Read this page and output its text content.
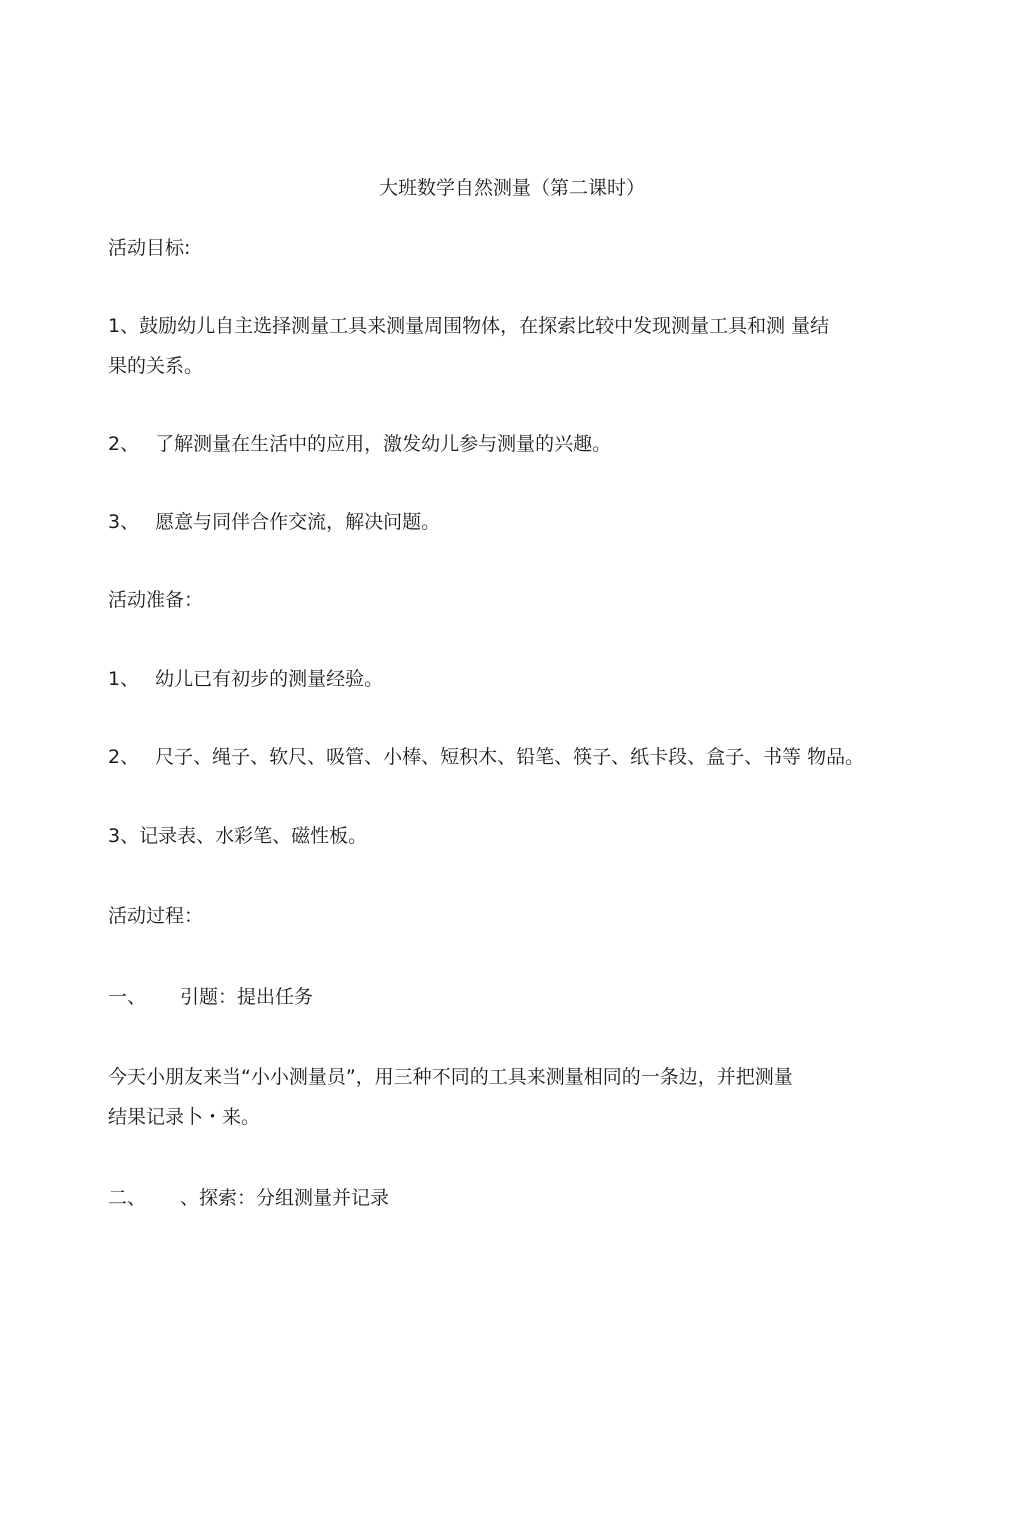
大班数学自然测量（第二课时）
活动目标:
1、鼓励幼儿自主选择测量工具来测量周围物体，在探索比较中发现测量工具和测 量结
果的关系。
2、 了解测量在生活中的应用，激发幼儿参与测量的兴趣。
3、 愿意与同伴合作交流，解决问题。
活动准备：
1、 幼儿已有初步的测量经验。
2、 尺子、绳子、软尺、吸管、小棒、短积木、铅笔、筷子、纸卡段、盒子、书等 物品。
3、记录表、水彩笔、磁性板。
活动过程：
一、 引题：提出任务
今天小朋友来当“小小测量员”，用三种不同的工具来测量相同的一条边，并把测量
结果记录卜・来。
二、 、探索：分组测量并记录
